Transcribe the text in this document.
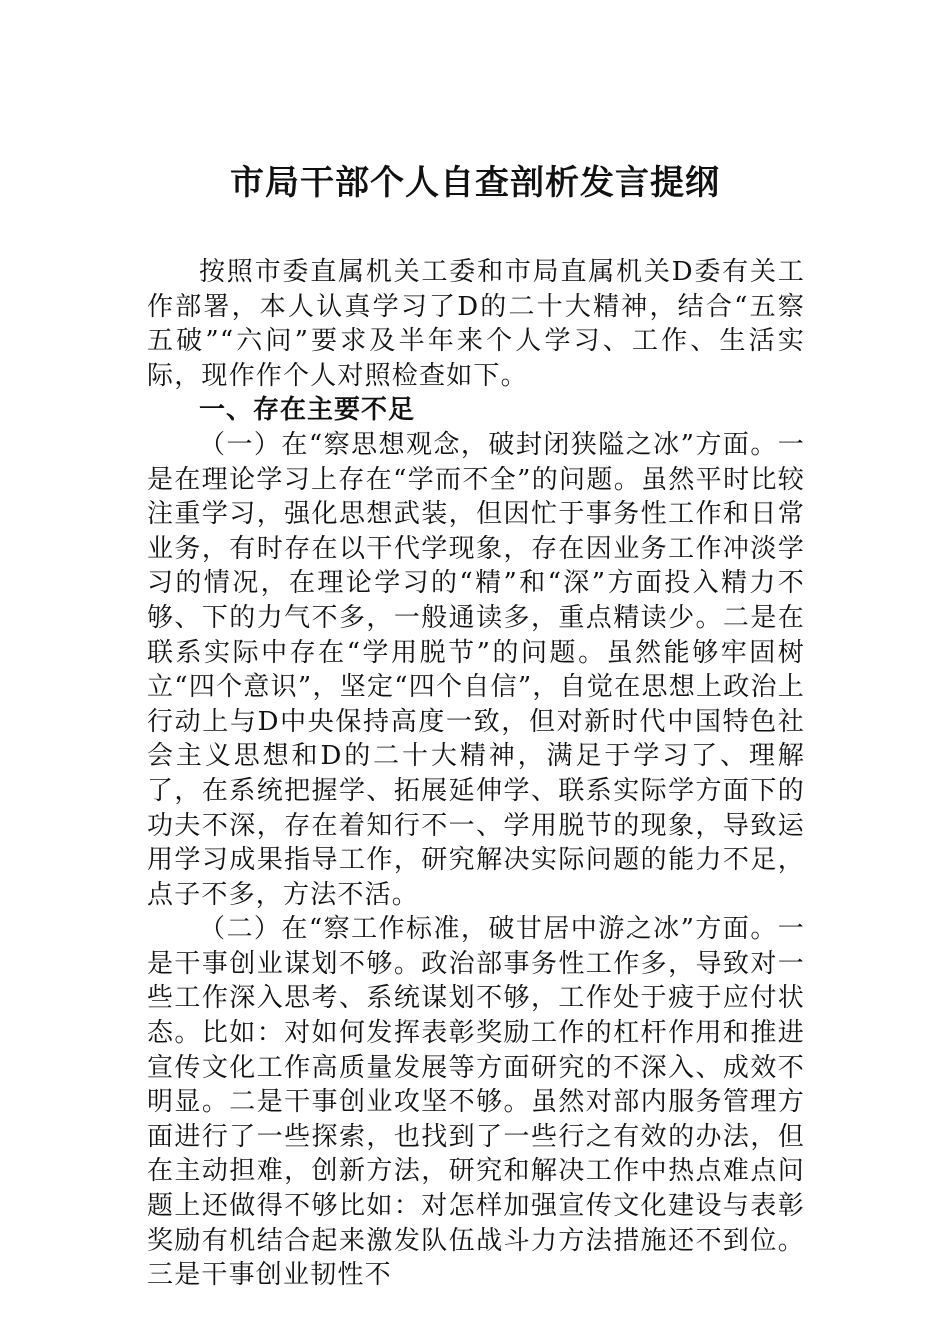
市局干部个人自查剖析发言提纲

按照市委直属机关工委和市局直属机关D委有关工作部署，本人认真学习了D的二十大精神，结合“五察五破”“六问”要求及半年来个人学习、工作、生活实际，现作作个人对照检查如下。

一、存在主要不足

（一）在“察思想观念，破封闭狭隘之冰”方面。一是在理论学习上存在“学而不全”的问题。虽然平时比较注重学习，强化思想武装，但因忙于事务性工作和日常业务，有时存在以干代学现象，存在因业务工作冲淡学习的情况，在理论学习的“精”和“深”方面投入精力不够、下的力气不多，一般通读多，重点精读少。二是在联系实际中存在“学用脱节”的问题。虽然能够牢固树立“四个意识”，坚定“四个自信”，自觉在思想上政治上行动上与D中央保持高度一致，但对新时代中国特色社会主义思想和D的二十大精神，满足于学习了、理解了，在系统把握学、拓展延伸学、联系实际学方面下的功夫不深，存在着知行不一、学用脱节的现象，导致运用学习成果指导工作，研究解决实际问题的能力不足，点子不多，方法不活。

（二）在“察工作标准，破甘居中游之冰”方面。一是干事创业谋划不够。政治部事务性工作多，导致对一些工作深入思考、系统谋划不够，工作处于疲于应付状态。比如：对如何发挥表彰奖励工作的杠杆作用和推进宣传文化工作高质量发展等方面研究的不深入、成效不明显。二是干事创业攻坚不够。虽然对部内服务管理方面进行了一些探索，也找到了一些行之有效的办法，但在主动担难，创新方法，研究和解决工作中热点难点问题上还做得不够比如：对怎样加强宣传文化建设与表彰奖励有机结合起来激发队伍战斗力方法措施还不到位。三是干事创业韧性不
